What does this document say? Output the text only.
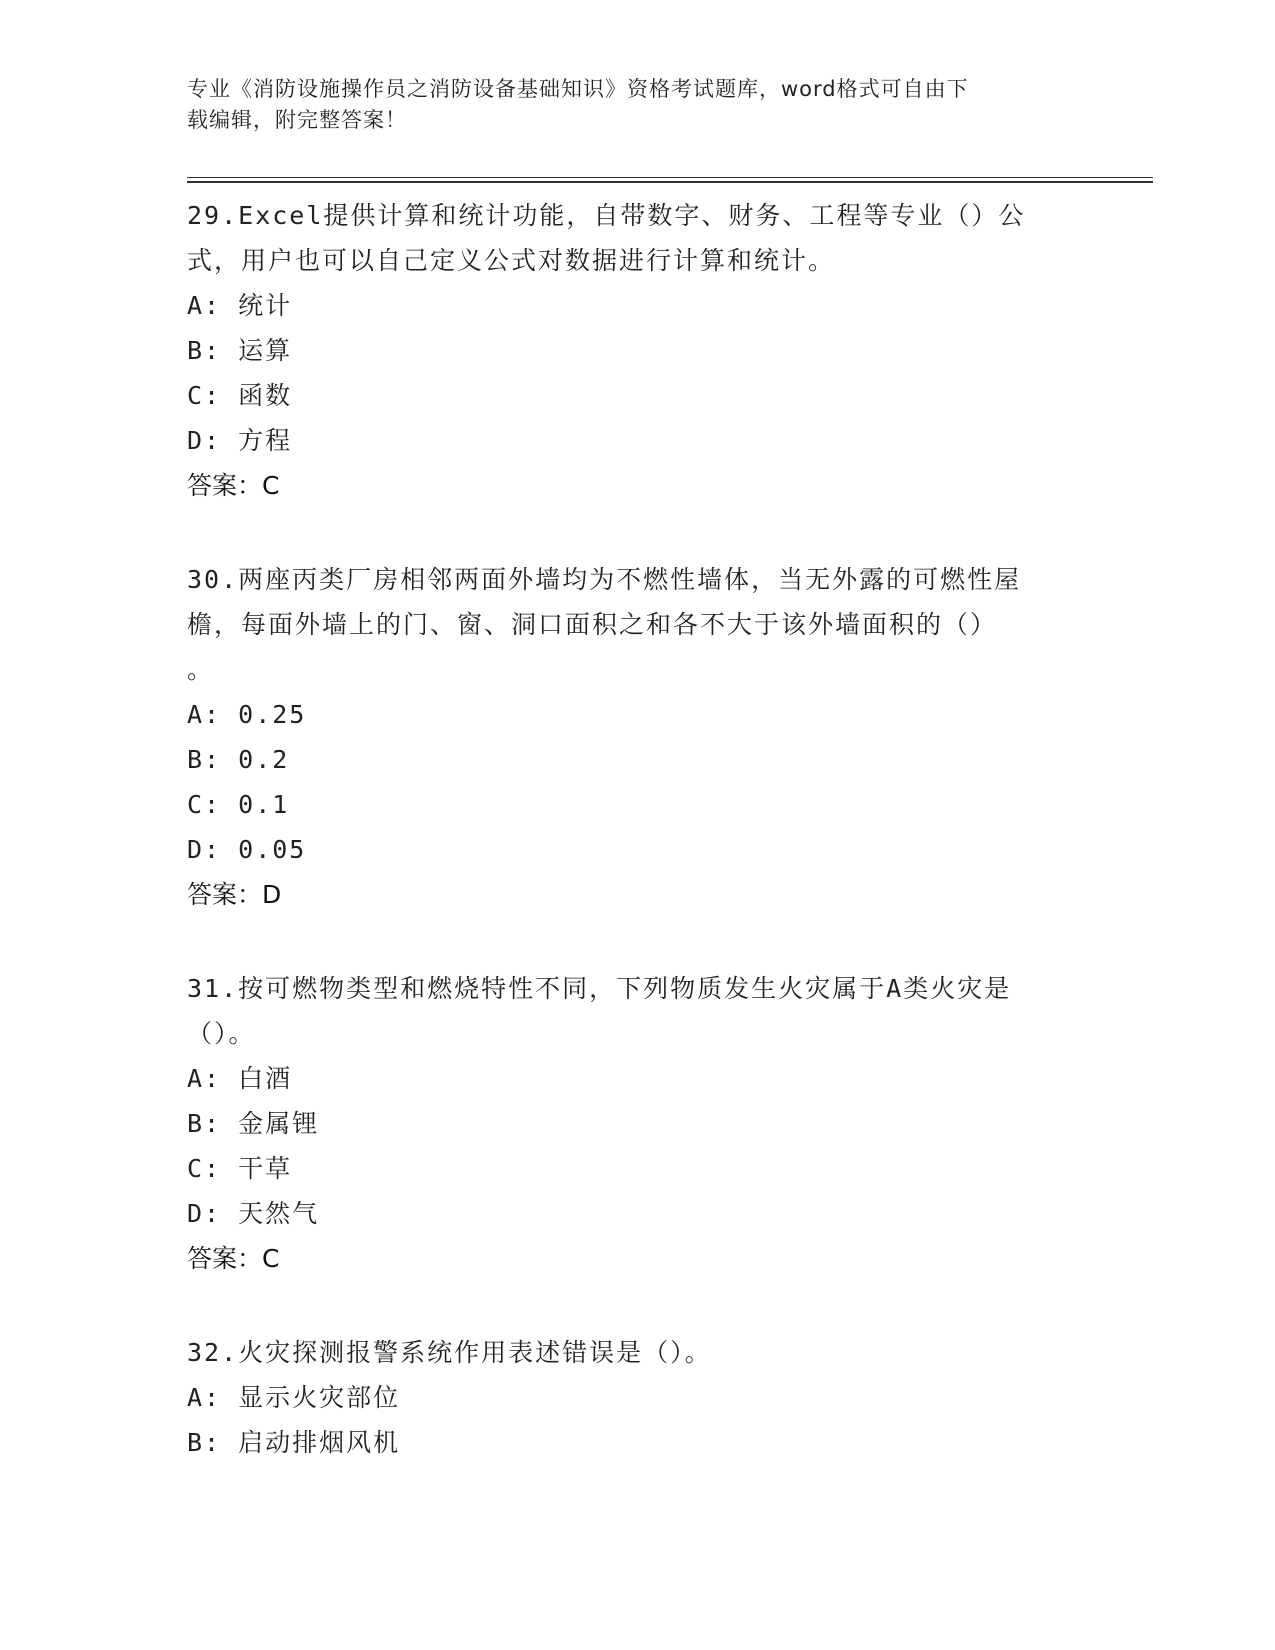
专业《消防设施操作员之消防设备基础知识》资格考试题库，word格式可自由下
载编辑，附完整答案！
29.Excel提供计算和统计功能，自带数字、财务、工程等专业（）公
式，用户也可以自己定义公式对数据进行计算和统计。
A: 统计
B: 运算
C: 函数
D: 方程
答案：C
30.两座丙类厂房相邻两面外墙均为不燃性墙体，当无外露的可燃性屋
檐，每面外墙上的门、窗、洞口面积之和各不大于该外墙面积的（）
。
A: 0.25
B: 0.2
C: 0.1
D: 0.05
答案：D
31.按可燃物类型和燃烧特性不同，下列物质发生火灾属于A类火灾是
（）。
A: 白酒
B: 金属锂
C: 干草
D: 天然气
答案：C
32.火灾探测报警系统作用表述错误是（）。
A: 显示火灾部位
B: 启动排烟风机
